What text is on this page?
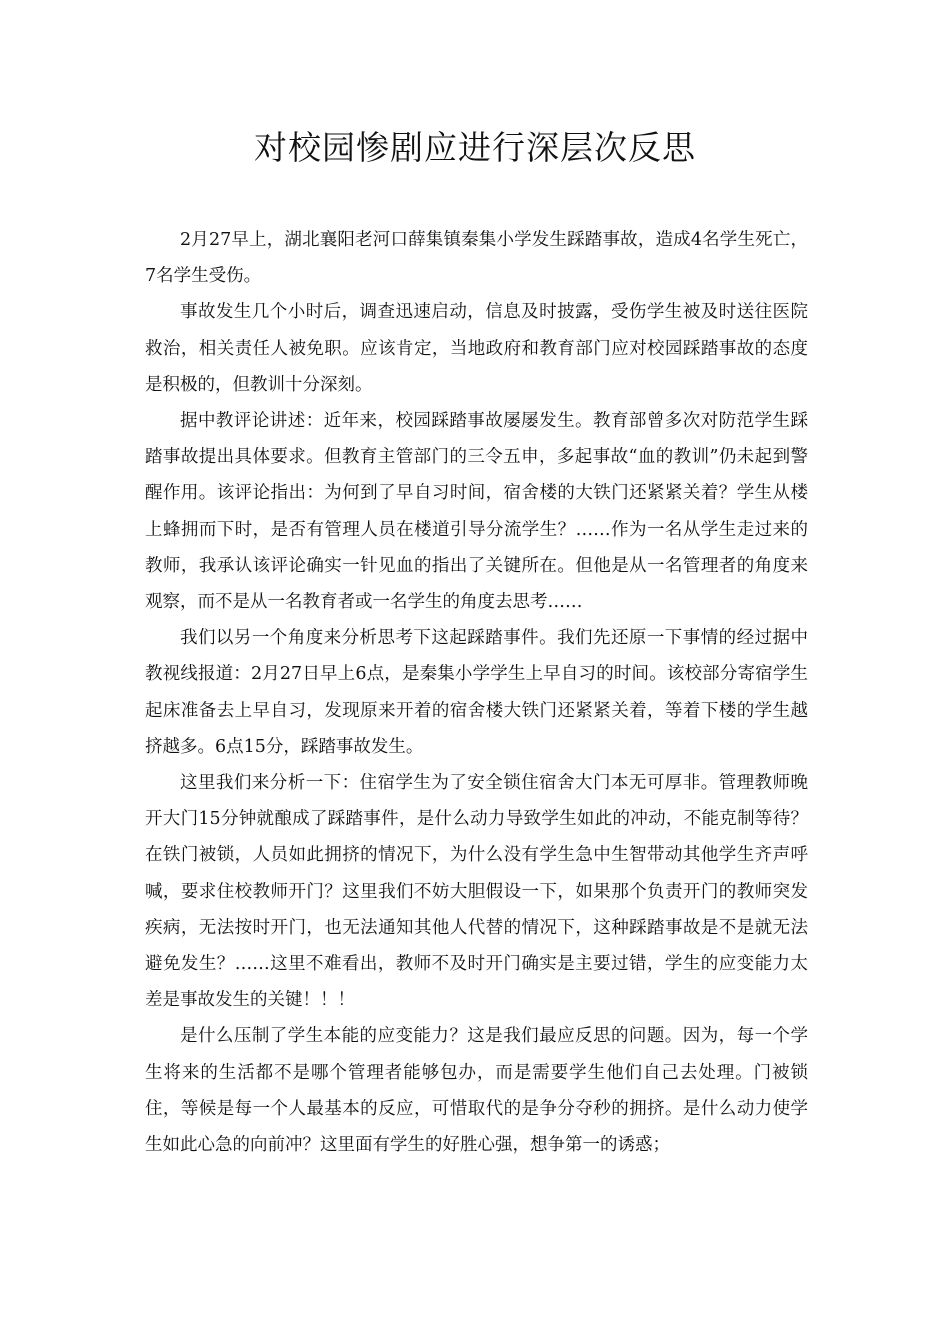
对校园惨剧应进行深层次反思

2月27早上，湖北襄阳老河口薛集镇秦集小学发生踩踏事故，造成4名学生死亡，7名学生受伤。

事故发生几个小时后，调查迅速启动，信息及时披露，受伤学生被及时送往医院救治，相关责任人被免职。应该肯定，当地政府和教育部门应对校园踩踏事故的态度是积极的，但教训十分深刻。

据中教评论讲述：近年来，校园踩踏事故屡屡发生。教育部曾多次对防范学生踩踏事故提出具体要求。但教育主管部门的三令五申，多起事故“血的教训”仍未起到警醒作用。该评论指出：为何到了早自习时间，宿舍楼的大铁门还紧紧关着？学生从楼上蜂拥而下时，是否有管理人员在楼道引导分流学生？……作为一名从学生走过来的教师，我承认该评论确实一针见血的指出了关键所在。但他是从一名管理者的角度来观察，而不是从一名教育者或一名学生的角度去思考……

我们以另一个角度来分析思考下这起踩踏事件。我们先还原一下事情的经过据中教视线报道：2月27日早上6点，是秦集小学学生上早自习的时间。该校部分寄宿学生起床准备去上早自习，发现原来开着的宿舍楼大铁门还紧紧关着，等着下楼的学生越挤越多。6点15分，踩踏事故发生。

这里我们来分析一下：住宿学生为了安全锁住宿舍大门本无可厚非。管理教师晚开大门15分钟就酿成了踩踏事件，是什么动力导致学生如此的冲动，不能克制等待？在铁门被锁，人员如此拥挤的情况下，为什么没有学生急中生智带动其他学生齐声呼喊，要求住校教师开门？这里我们不妨大胆假设一下，如果那个负责开门的教师突发疾病，无法按时开门，也无法通知其他人代替的情况下，这种踩踏事故是不是就无法避免发生？……这里不难看出，教师不及时开门确实是主要过错，学生的应变能力太差是事故发生的关键！！！

是什么压制了学生本能的应变能力？这是我们最应反思的问题。因为，每一个学生将来的生活都不是哪个管理者能够包办，而是需要学生他们自己去处理。门被锁住，等候是每一个人最基本的反应，可惜取代的是争分夺秒的拥挤。是什么动力使学生如此心急的向前冲？这里面有学生的好胜心强，想争第一的诱惑；
